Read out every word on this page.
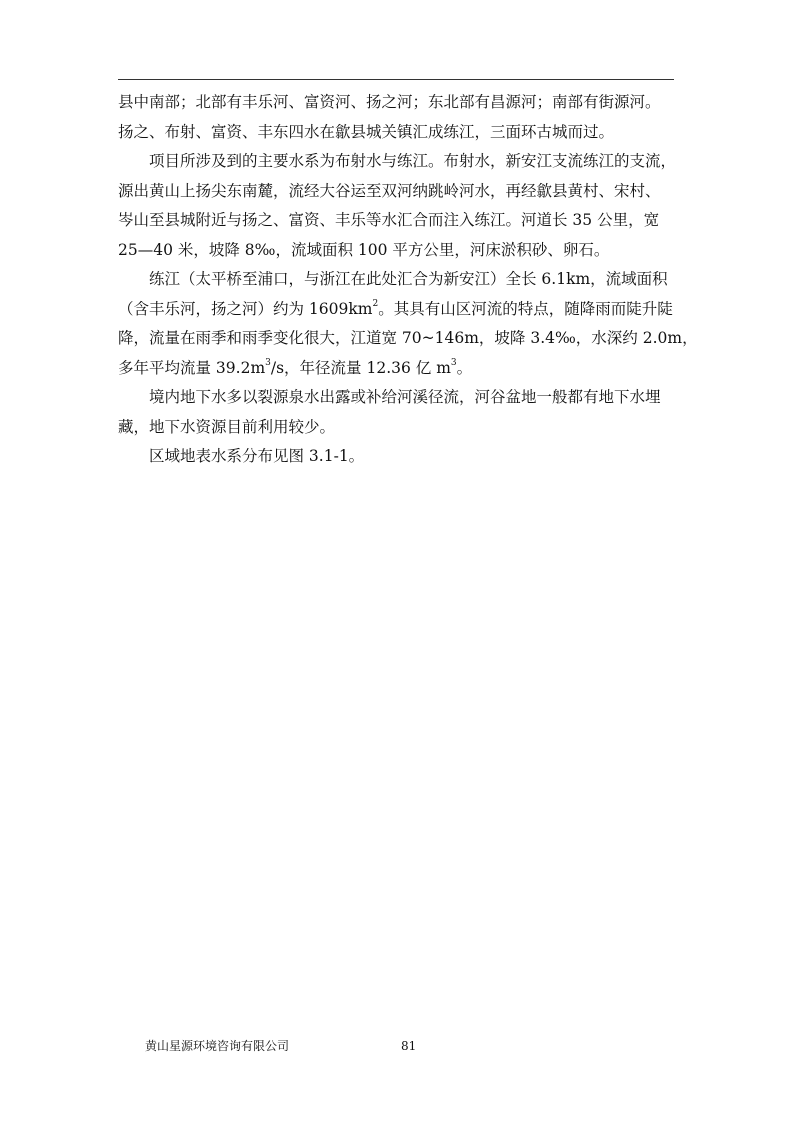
县中南部；北部有丰乐河、富资河、扬之河；东北部有昌源河；南部有街源河。
扬之、布射、富资、丰东四水在歙县城关镇汇成练江，三面环古城而过。
项目所涉及到的主要水系为布射水与练江。布射水，新安江支流练江的支流，
源出黄山上扬尖东南麓，流经大谷运至双河纳跳岭河水，再经歙县黄村、宋村、
岑山至县城附近与扬之、富资、丰乐等水汇合而注入练江。河道长 35 公里，宽
25—40 米，坡降 8‰，流域面积 100 平方公里，河床淤积砂、卵石。
练江（太平桥至浦口，与浙江在此处汇合为新安江）全长 6.1km，流域面积
（含丰乐河，扬之河）约为 $1609km^2$。其具有山区河流的特点，随降雨而陡升陡
降，流量在雨季和雨季变化很大，江道宽 70~146m，坡降 3.4‰，水深约 2.0m，
多年平均流量 $39.2m^3/s$，年径流量 12.36 亿 $m^3$。
境内地下水多以裂源泉水出露或补给河溪径流，河谷盆地一般都有地下水埋
藏，地下水资源目前利用较少。
区域地表水系分布见图 3.1-1。
黄山星源环境咨询有限公司	81
